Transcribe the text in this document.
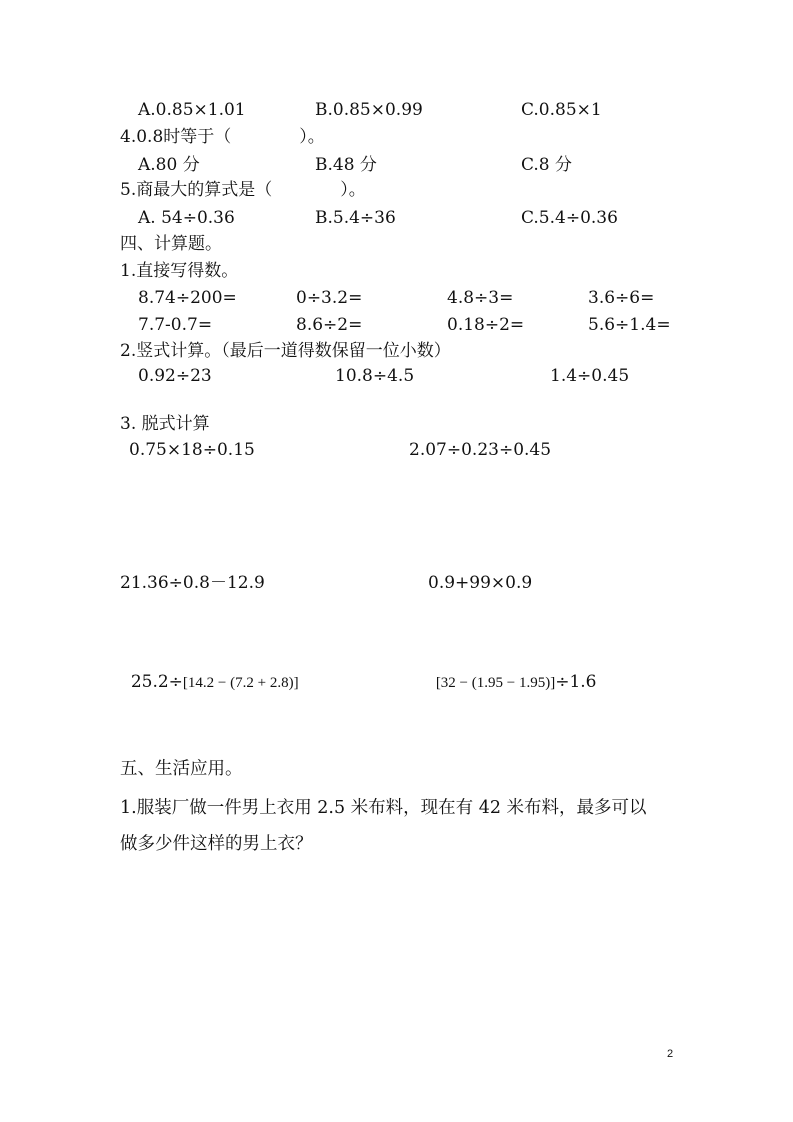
A.0.85×1.01	B.0.85×0.99	C.0.85×1
4.0.8时等于（　　　　）。
A.80 分	B.48 分	C.8 分
5.商最大的算式是（　　　　）。
A. 54÷0.36	B.5.4÷36	C.5.4÷0.36
四、计算题。
1.直接写得数。
8.74÷200=	0÷3.2=	4.8÷3=	3.6÷6=
7.7-0.7=	8.6÷2=	0.18÷2=	5.6÷1.4=
2.竖式计算。（最后一道得数保留一位小数）
0.92÷23	10.8÷4.5	1.4÷0.45
3. 脱式计算
0.75×18÷0.15	2.07÷0.23÷0.45
21.36÷0.8－12.9	0.9+99×0.9

25.2÷[14.2 − (7.2 + 2.8)]	[32 − (1.95 − 1.95)]÷1.6

五、生活应用。
1.服装厂做一件男上衣用 2.5 米布料，现在有 42 米布料，最多可以
做多少件这样的男上衣？
2
